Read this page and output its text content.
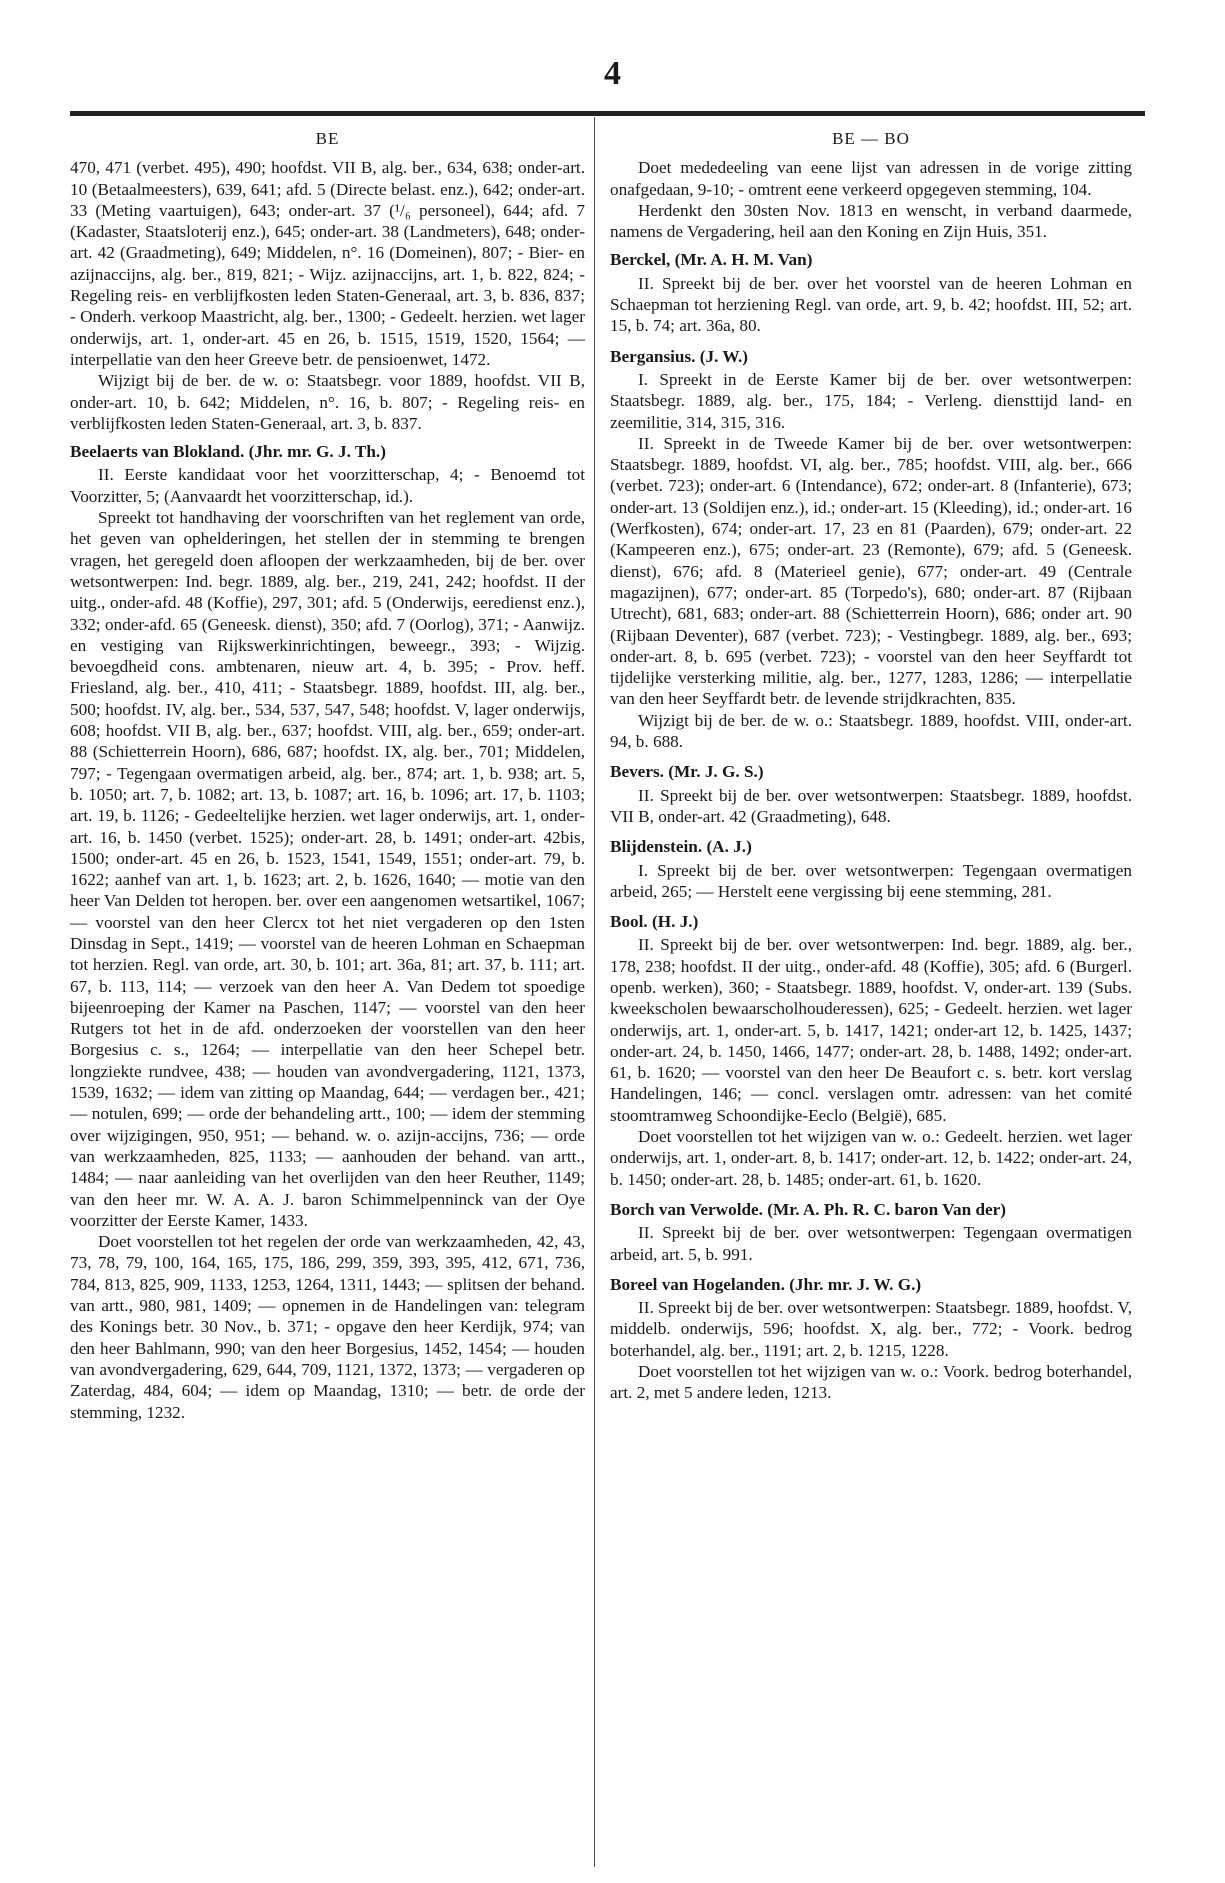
4
BE

470, 471 (verbet. 495), 490; hoofdst. VII B, alg. ber., 634, 638; onder-art. 10 (Betaalmeesters), 639, 641; afd. 5 (Directe belast. enz.), 642; onder-art. 33 (Meting vaartuigen), 643; onder-art. 37 (¹/₆ personeel), 644; afd. 7 (Kadaster, Staatsloterij enz.), 645; onder-art. 38 (Landmeters), 648; onder-art. 42 (Graadmeting), 649; Middelen, n°. 16 (Domeinen), 807; - Bier- en azijnaccijns, alg. ber., 819, 821; - Wijz. azijnaccijns, art. 1, b. 822, 824; - Regeling reis- en verblijfkosten leden Staten-Generaal, art. 3, b. 836, 837; - Onderh. verkoop Maastricht, alg. ber., 1300; - Gedeelt. herzien. wet lager onderwijs, art. 1, onder-art. 45 en 26, b. 1515, 1519, 1520, 1564; — interpellatie van den heer Greeve betr. de pensioenwet, 1472.

Wijzigt bij de ber. de w. o: Staatsbegr. voor 1889, hoofdst. VII B, onder-art. 10, b. 642; Middelen, n°. 16, b. 807; - Regeling reis- en verblijfkosten leden Staten-Generaal, art. 3, b. 837.

Beelaerts van Blokland. (Jhr. mr. G. J. Th.)

II. Eerste kandidaat voor het voorzitterschap, 4; - Benoemd tot Voorzitter, 5; (Aanvaardt het voorzitterschap, id.).

Spreekt tot handhaving der voorschriften van het reglement van orde, het geven van ophelderingen, het stellen der in stemming te brengen vragen, het geregeld doen afloopen der werkzaamheden, bij de ber. over wetsontwerpen: Ind. begr. 1889, alg. ber., 219, 241, 242; hoofdst. II der uitg., onder-afd. 48 (Koffie), 297, 301; afd. 5 (Onderwijs, eeredienst enz.), 332; onder-afd. 65 (Geneesk. dienst), 350; afd. 7 (Oorlog), 371; - Aanwijz. en vestiging van Rijkswerkinrichtingen, beweegr., 393; - Wijzig. bevoegdheid cons. ambtenaren, nieuw art. 4, b. 395; - Prov. heff. Friesland, alg. ber., 410, 411; - Staatsbegr. 1889, hoofdst. III, alg. ber., 500; hoofdst. IV, alg. ber., 534, 537, 547, 548; hoofdst. V, lager onderwijs, 608; hoofdst. VII B, alg. ber., 637; hoofdst. VIII, alg. ber., 659; onder-art. 88 (Schietterrein Hoorn), 686, 687; hoofdst. IX, alg. ber., 701; Middelen, 797; - Tegengaan overmatigen arbeid, alg. ber., 874; art. 1, b. 938; art. 5, b. 1050; art. 7, b. 1082; art. 13, b. 1087; art. 16, b. 1096; art. 17, b. 1103; art. 19, b. 1126; - Gedeeltelijke herzien. wet lager onderwijs, art. 1, onder-art. 16, b. 1450 (verbet. 1525); onder-art. 28, b. 1491; onder-art. 42bis, 1500; onder-art. 45 en 26, b. 1523, 1541, 1549, 1551; onder-art. 79, b. 1622; aanhef van art. 1, b. 1623; art. 2, b. 1626, 1640; — motie van den heer Van Delden tot heropen. ber. over een aangenomen wetsartikel, 1067; — voorstel van den heer Clercx tot het niet vergaderen op den 1sten Dinsdag in Sept., 1419; — voorstel van de heeren Lohman en Schaepman tot herzien. Regl. van orde, art. 30, b. 101; art. 36a, 81; art. 37, b. 111; art. 67, b. 113, 114; — verzoek van den heer A. Van Dedem tot spoedige bijeenroeping der Kamer na Paschen, 1147; — voorstel van den heer Rutgers tot het in de afd. onderzoeken der voorstellen van den heer Borgesius c. s., 1264; — interpellatie van den heer Schepel betr. longziekte rundvee, 438; — houden van avondvergadering, 1121, 1373, 1539, 1632; — idem van zitting op Maandag, 644; — verdagen ber., 421; — notulen, 699; — orde der behandeling artt., 100; — idem der stemming over wijzigingen, 950, 951; — behand. w. o. azijn-accijns, 736; — orde van werkzaamheden, 825, 1133; — aanhouden der behand. van artt., 1484; — naar aanleiding van het overlijden van den heer Reuther, 1149; van den heer mr. W. A. A. J. baron Schimmelpenninck van der Oye voorzitter der Eerste Kamer, 1433.

Doet voorstellen tot het regelen der orde van werkzaamheden, 42, 43, 73, 78, 79, 100, 164, 165, 175, 186, 299, 359, 393, 395, 412, 671, 736, 784, 813, 825, 909, 1133, 1253, 1264, 1311, 1443; — splitsen der behand. van artt., 980, 981, 1409; — opnemen in de Handelingen van: telegram des Konings betr. 30 Nov., b. 371; - opgave den heer Kerdijk, 974; van den heer Bahlmann, 990; van den heer Borgesius, 1452, 1454; — houden van avondvergadering, 629, 644, 709, 1121, 1372, 1373; — vergaderen op Zaterdag, 484, 604; — idem op Maandag, 1310; — betr. de orde der stemming, 1232.

BE — BO

Doet mededeeling van eene lijst van adressen in de vorige zitting onafgedaan, 9-10; - omtrent eene verkeerd opgegeven stemming, 104.

Herdenkt den 30sten Nov. 1813 en wenscht, in verband daarmede, namens de Vergadering, heil aan den Koning en Zijn Huis, 351.

Berckel, (Mr. A. H. M. Van)

II. Spreekt bij de ber. over het voorstel van de heeren Lohman en Schaepman tot herziening Regl. van orde, art. 9, b. 42; hoofdst. III, 52; art. 15, b. 74; art. 36a, 80.

Bergansius. (J. W.)

I. Spreekt in de Eerste Kamer bij de ber. over wetsontwerpen: Staatsbegr. 1889, alg. ber., 175, 184; - Verleng. diensttijd land- en zeemilitie, 314, 315, 316.

II. Spreekt in de Tweede Kamer bij de ber. over wetsontwerpen: Staatsbegr. 1889, hoofdst. VI, alg. ber., 785; hoofdst. VIII, alg. ber., 666 (verbet. 723); onder-art. 6 (Intendance), 672; onder-art. 8 (Infanterie), 673; onder-art. 13 (Soldijen enz.), id.; onder-art. 15 (Kleeding), id.; onder-art. 16 (Werfkosten), 674; onder-art. 17, 23 en 81 (Paarden), 679; onder-art. 22 (Kampeeren enz.), 675; onder-art. 23 (Remonte), 679; afd. 5 (Geneesk. dienst), 676; afd. 8 (Materieel genie), 677; onder-art. 49 (Centrale magazijnen), 677; onder-art. 85 (Torpedo's), 680; onder-art. 87 (Rijbaan Utrecht), 681, 683; onder-art. 88 (Schietterrein Hoorn), 686; onder art. 90 (Rijbaan Deventer), 687 (verbet. 723); - Vestingbegr. 1889, alg. ber., 693; onder-art. 8, b. 695 (verbet. 723); - voorstel van den heer Seyffardt tot tijdelijke versterking militie, alg. ber., 1277, 1283, 1286; — interpellatie van den heer Seyffardt betr. de levende strijdkrachten, 835.

Wijzigt bij de ber. de w. o.: Staatsbegr. 1889, hoofdst. VIII, onder-art. 94, b. 688.

Bevers. (Mr. J. G. S.)

II. Spreekt bij de ber. over wetsontwerpen: Staatsbegr. 1889, hoofdst. VII B, onder-art. 42 (Graadmeting), 648.

Blijdenstein. (A. J.)

I. Spreekt bij de ber. over wetsontwerpen: Tegengaan overmatigen arbeid, 265; — Herstelt eene vergissing bij eene stemming, 281.

Bool. (H. J.)

II. Spreekt bij de ber. over wetsontwerpen: Ind. begr. 1889, alg. ber., 178, 238; hoofdst. II der uitg., onder-afd. 48 (Koffie), 305; afd. 6 (Burgerl. openb. werken), 360; - Staatsbegr. 1889, hoofdst. V, onder-art. 139 (Subs. kweekscholen bewaarscholhouderessen), 625; - Gedeelt. herzien. wet lager onderwijs, art. 1, onder-art. 5, b. 1417, 1421; onder-art 12, b. 1425, 1437; onder-art. 24, b. 1450, 1466, 1477; onder-art. 28, b. 1488, 1492; onder-art. 61, b. 1620; — voorstel van den heer De Beaufort c. s. betr. kort verslag Handelingen, 146; — concl. verslagen omtr. adressen: van het comité stoomtramweg Schoondijke-Eeclo (België), 685.

Doet voorstellen tot het wijzigen van w. o.: Gedeelt. herzien. wet lager onderwijs, art. 1, onder-art. 8, b. 1417; onder-art. 12, b. 1422; onder-art. 24, b. 1450; onder-art. 28, b. 1485; onder-art. 61, b. 1620.

Borch van Verwolde. (Mr. A. Ph. R. C. baron Van der)

II. Spreekt bij de ber. over wetsontwerpen: Tegengaan overmatigen arbeid, art. 5, b. 991.

Boreel van Hogelanden. (Jhr. mr. J. W. G.)

II. Spreekt bij de ber. over wetsontwerpen: Staatsbegr. 1889, hoofdst. V, middelb. onderwijs, 596; hoofdst. X, alg. ber., 772; - Voork. bedrog boterhandel, alg. ber., 1191; art. 2, b. 1215, 1228.

Doet voorstellen tot het wijzigen van w. o.: Voork. bedrog boterhandel, art. 2, met 5 andere leden, 1213.
